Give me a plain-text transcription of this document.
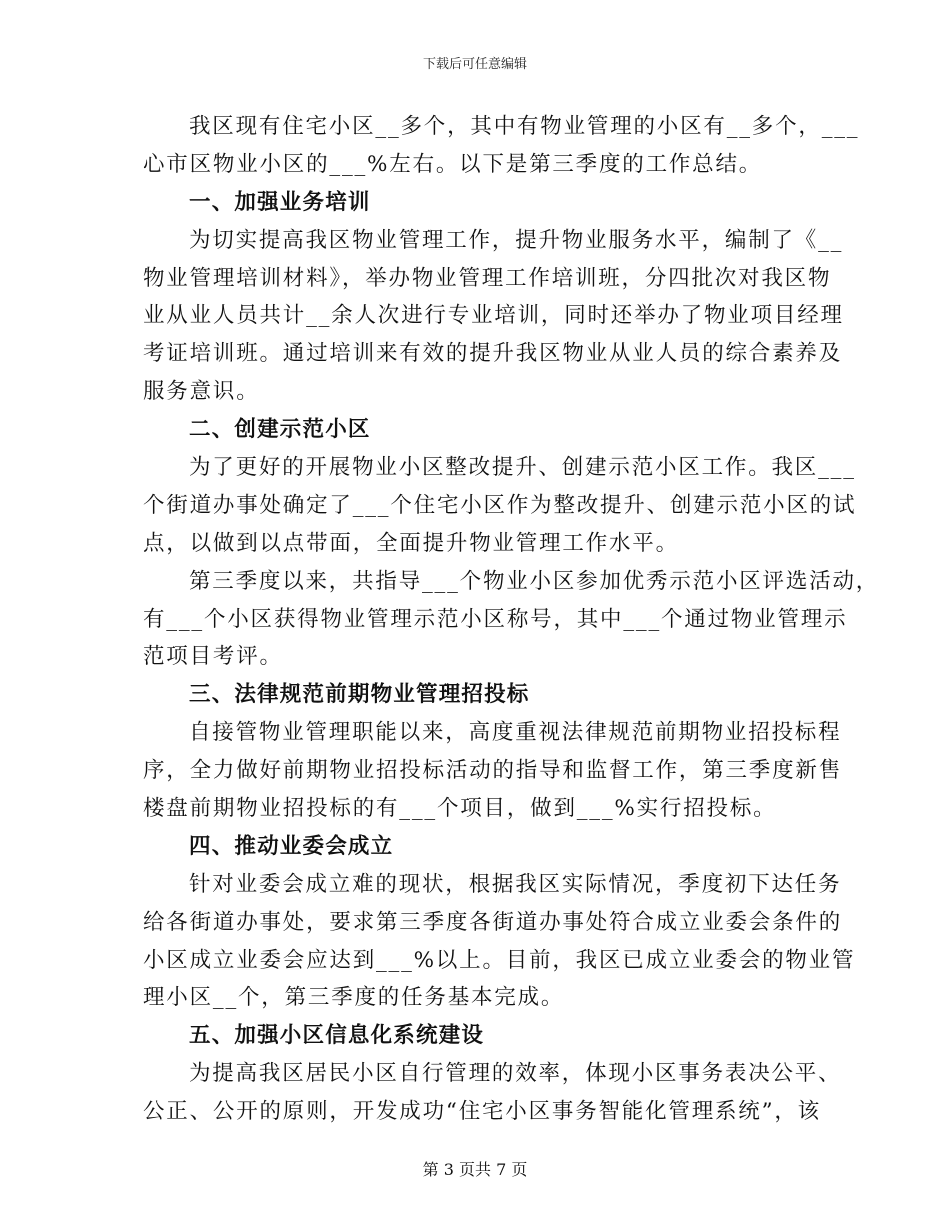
下载后可任意编辑
我区现有住宅小区__多个，其中有物业管理的小区有__多个，___
心市区物业小区的___%左右。以下是第三季度的工作总结。
一、加强业务培训
为切实提高我区物业管理工作，提升物业服务水平，编制了《__
物业管理培训材料》，举办物业管理工作培训班，分四批次对我区物
业从业人员共计__余人次进行专业培训，同时还举办了物业项目经理
考证培训班。通过培训来有效的提升我区物业从业人员的综合素养及
服务意识。
二、创建示范小区
为了更好的开展物业小区整改提升、创建示范小区工作。我区___
个街道办事处确定了___个住宅小区作为整改提升、创建示范小区的试
点，以做到以点带面，全面提升物业管理工作水平。
第三季度以来，共指导___个物业小区参加优秀示范小区评选活动，
有___个小区获得物业管理示范小区称号，其中___个通过物业管理示
范项目考评。
三、法律规范前期物业管理招投标
自接管物业管理职能以来，高度重视法律规范前期物业招投标程
序，全力做好前期物业招投标活动的指导和监督工作，第三季度新售
楼盘前期物业招投标的有___个项目，做到___%实行招投标。
四、推动业委会成立
针对业委会成立难的现状，根据我区实际情况，季度初下达任务
给各街道办事处，要求第三季度各街道办事处符合成立业委会条件的
小区成立业委会应达到___%以上。目前，我区已成立业委会的物业管
理小区__个，第三季度的任务基本完成。
五、加强小区信息化系统建设
为提高我区居民小区自行管理的效率，体现小区事务表决公平、
公正、公开的原则，开发成功“住宅小区事务智能化管理系统”，该
第 3 页共 7 页
